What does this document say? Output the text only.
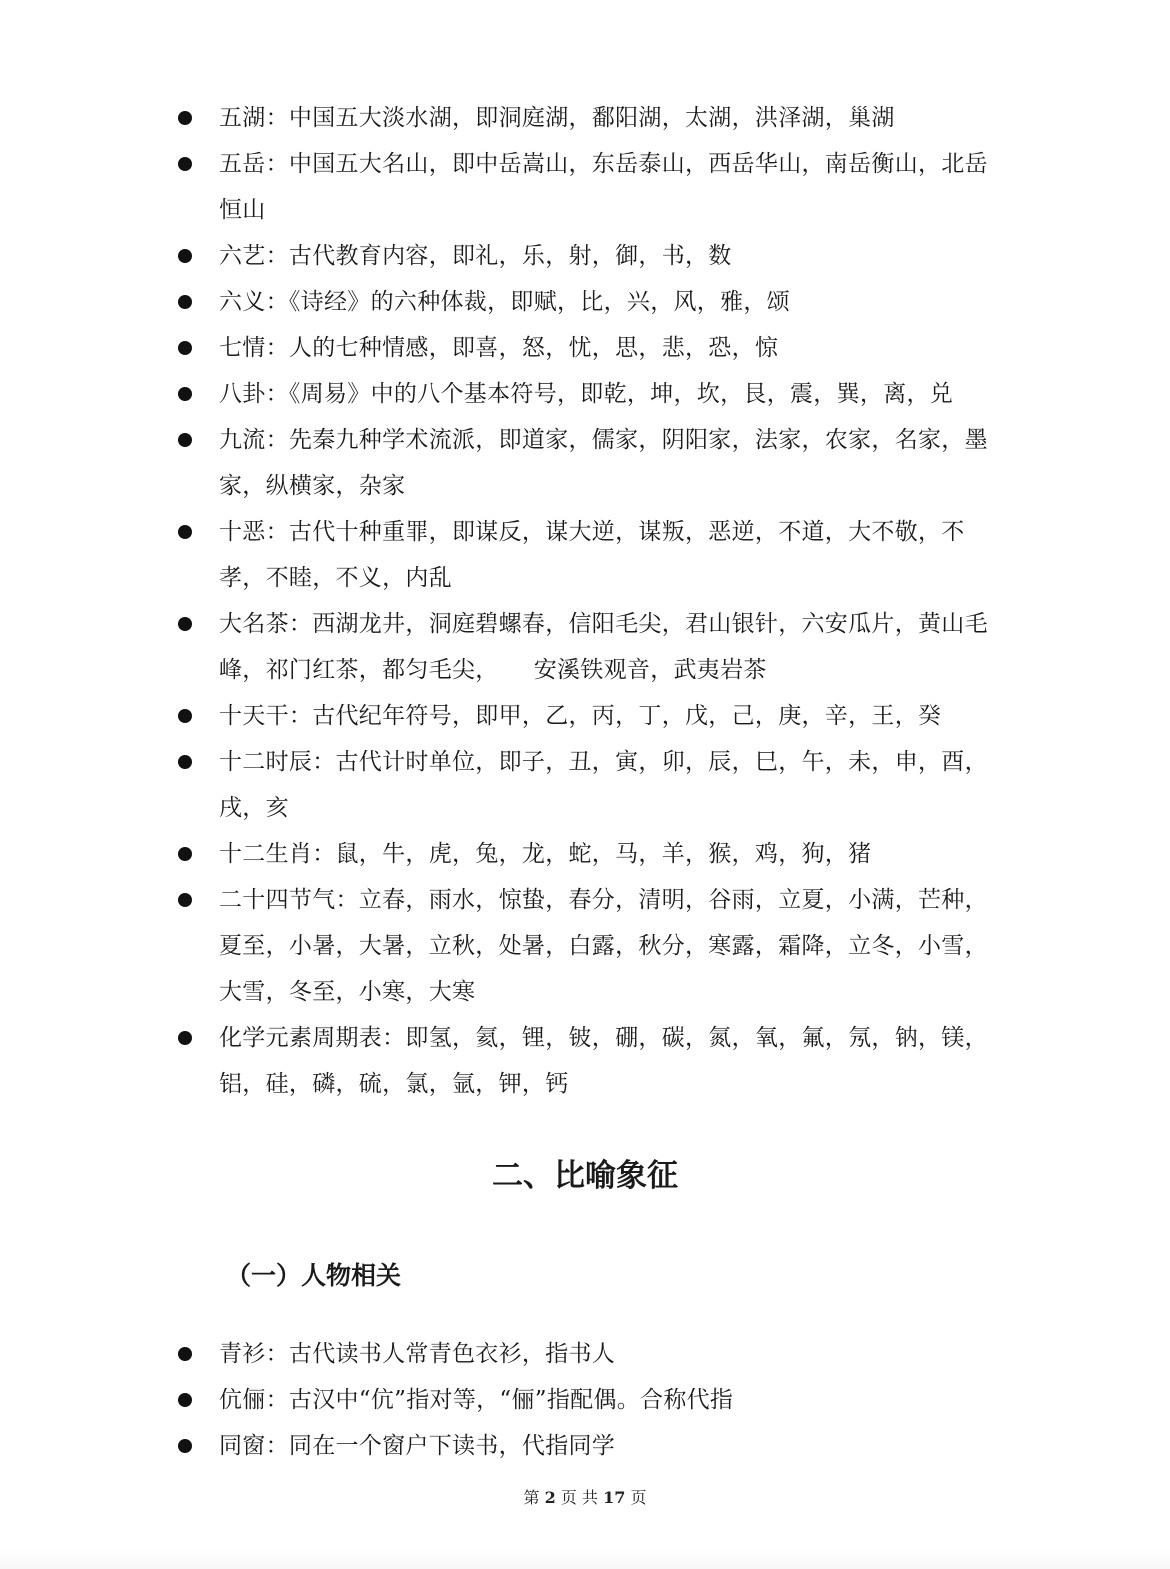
五湖：中国五大淡水湖，即洞庭湖，鄱阳湖，太湖，洪泽湖，巢湖
五岳：中国五大名山，即中岳嵩山，东岳泰山，西岳华山，南岳衡山，北岳恒山
六艺：古代教育内容，即礼，乐，射，御，书，数
六义：《诗经》的六种体裁，即赋，比，兴，风，雅，颂
七情：人的七种情感，即喜，怒，忧，思，悲，恐，惊
八卦：《周易》中的八个基本符号，即乾，坤，坎，艮，震，巽，离，兑
九流：先秦九种学术流派，即道家，儒家，阴阳家，法家，农家，名家，墨家，纵横家，杂家
十恶：古代十种重罪，即谋反，谋大逆，谋叛，恶逆，不道，大不敬，不孝，不睦，不义，内乱
大名茶：西湖龙井，洞庭碧螺春，信阳毛尖，君山银针，六安瓜片，黄山毛峰，祁门红茶，都匀毛尖，　　安溪铁观音，武夷岩茶
十天干：古代纪年符号，即甲，乙，丙，丁，戊，己，庚，辛，王，癸
十二时辰：古代计时单位，即子，丑，寅，卯，辰，巳，午，未，申，酉，戌，亥
十二生肖：鼠，牛，虎，兔，龙，蛇，马，羊，猴，鸡，狗，猪
二十四节气：立春，雨水，惊蛰，春分，清明，谷雨，立夏，小满，芒种，夏至，小暑，大暑，立秋，处暑，白露，秋分，寒露，霜降，立冬，小雪，大雪，冬至，小寒，大寒
化学元素周期表：即氢，氦，锂，铍，硼，碳，氮，氧，氟，氖，钠，镁，铝，硅，磷，硫，氯，氩，钾，钙
二、比喻象征
（一）人物相关
青衫：古代读书人常青色衣衫，指书人
伉俪：古汉中“伉”指对等，“俪”指配偶。合称代指
同窗：同在一个窗户下读书，代指同学
第 2 页 共 17 页
